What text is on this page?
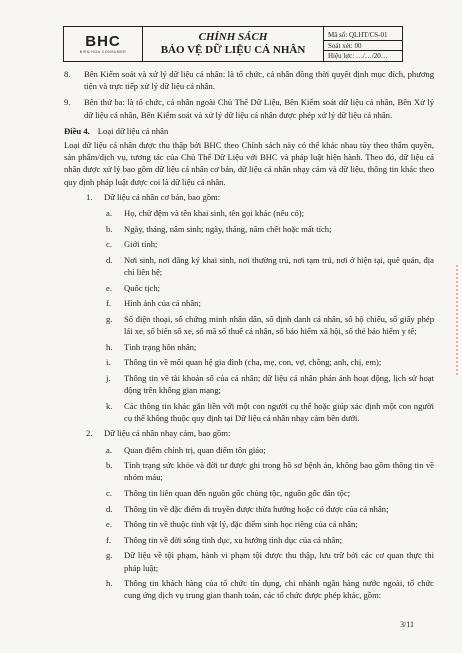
BHC
BIEN HOA CONSUMER
CHÍNH SÁCH
BẢO VỆ DỮ LIỆU CÁ NHÂN
Mã số: QLHT/CS-01
Soát xét: 00
Hiệu lực: …/…/20…
8.	Bên Kiểm soát và xử lý dữ liệu cá nhân: là tổ chức, cá nhân đồng thời quyết định mục đích, phương tiện và trực tiếp xử lý dữ liệu cá nhân.
9.	Bên thứ ba: là tổ chức, cá nhân ngoài Chủ Thể Dữ Liệu, Bên Kiểm soát dữ liệu cá nhân, Bên Xử lý dữ liệu cá nhân, Bên Kiểm soát và xử lý dữ liệu cá nhân được phép xử lý dữ liệu cá nhân.
Điều 4. Loại dữ liệu cá nhân
Loại dữ liệu cá nhân được thu thập bởi BHC theo Chính sách này có thể khác nhau tùy theo thẩm quyền, sản phẩm/dịch vụ, tương tác của Chủ Thể Dữ Liệu với BHC và pháp luật hiện hành. Theo đó, dữ liệu cá nhân được xử lý bao gồm dữ liệu cá nhân cơ bản, dữ liệu cá nhân nhạy cảm và dữ liệu, thông tin khác theo quy định pháp luật được coi là dữ liệu cá nhân.
1.	Dữ liệu cá nhân cơ bản, bao gồm:
a.	Họ, chữ đệm và tên khai sinh, tên gọi khác (nếu có);
b.	Ngày, tháng, năm sinh; ngày, tháng, năm chết hoặc mất tích;
c.	Giới tính;
d.	Nơi sinh, nơi đăng ký khai sinh, nơi thường trú, nơi tạm trú, nơi ở hiện tại, quê quán, địa chỉ liên hệ;
e.	Quốc tịch;
f.	Hình ảnh của cá nhân;
g.	Số điện thoại, số chứng minh nhân dân, số định danh cá nhân, số hộ chiếu, số giấy phép lái xe, số biển số xe, số mã số thuế cá nhân, số bảo hiểm xã hội, số thẻ bảo hiểm y tế;
h.	Tình trạng hôn nhân;
i.	Thông tin về mối quan hệ gia đình (cha, mẹ, con, vợ, chồng; anh, chị, em);
j.	Thông tin về tài khoản số của cá nhân; dữ liệu cá nhân phản ánh hoạt động, lịch sử hoạt động trên không gian mạng;
k.	Các thông tin khác gắn liền với một con người cụ thể hoặc giúp xác định một con người cụ thể không thuộc quy định tại Dữ liệu cá nhân nhạy cảm bên dưới.
2.	Dữ liệu cá nhân nhạy cảm, bao gồm:
a.	Quan điểm chính trị, quan điểm tôn giáo;
b.	Tình trạng sức khỏe và đời tư được ghi trong hồ sơ bệnh án, không bao gồm thông tin về nhóm máu;
c.	Thông tin liên quan đến nguồn gốc chủng tộc, nguồn gốc dân tộc;
d.	Thông tin về đặc điểm di truyền được thừa hưởng hoặc có được của cá nhân;
e.	Thông tin về thuộc tính vật lý, đặc điểm sinh học riêng của cá nhân;
f.	Thông tin về đời sống tình dục, xu hướng tình dục của cá nhân;
g.	Dữ liệu về tội phạm, hành vi phạm tội được thu thập, lưu trữ bởi các cơ quan thực thi pháp luật;
h.	Thông tin khách hàng của tổ chức tín dụng, chi nhánh ngân hàng nước ngoài, tổ chức cung ứng dịch vụ trung gian thanh toán, các tổ chức được phép khác, gồm:
3/11
